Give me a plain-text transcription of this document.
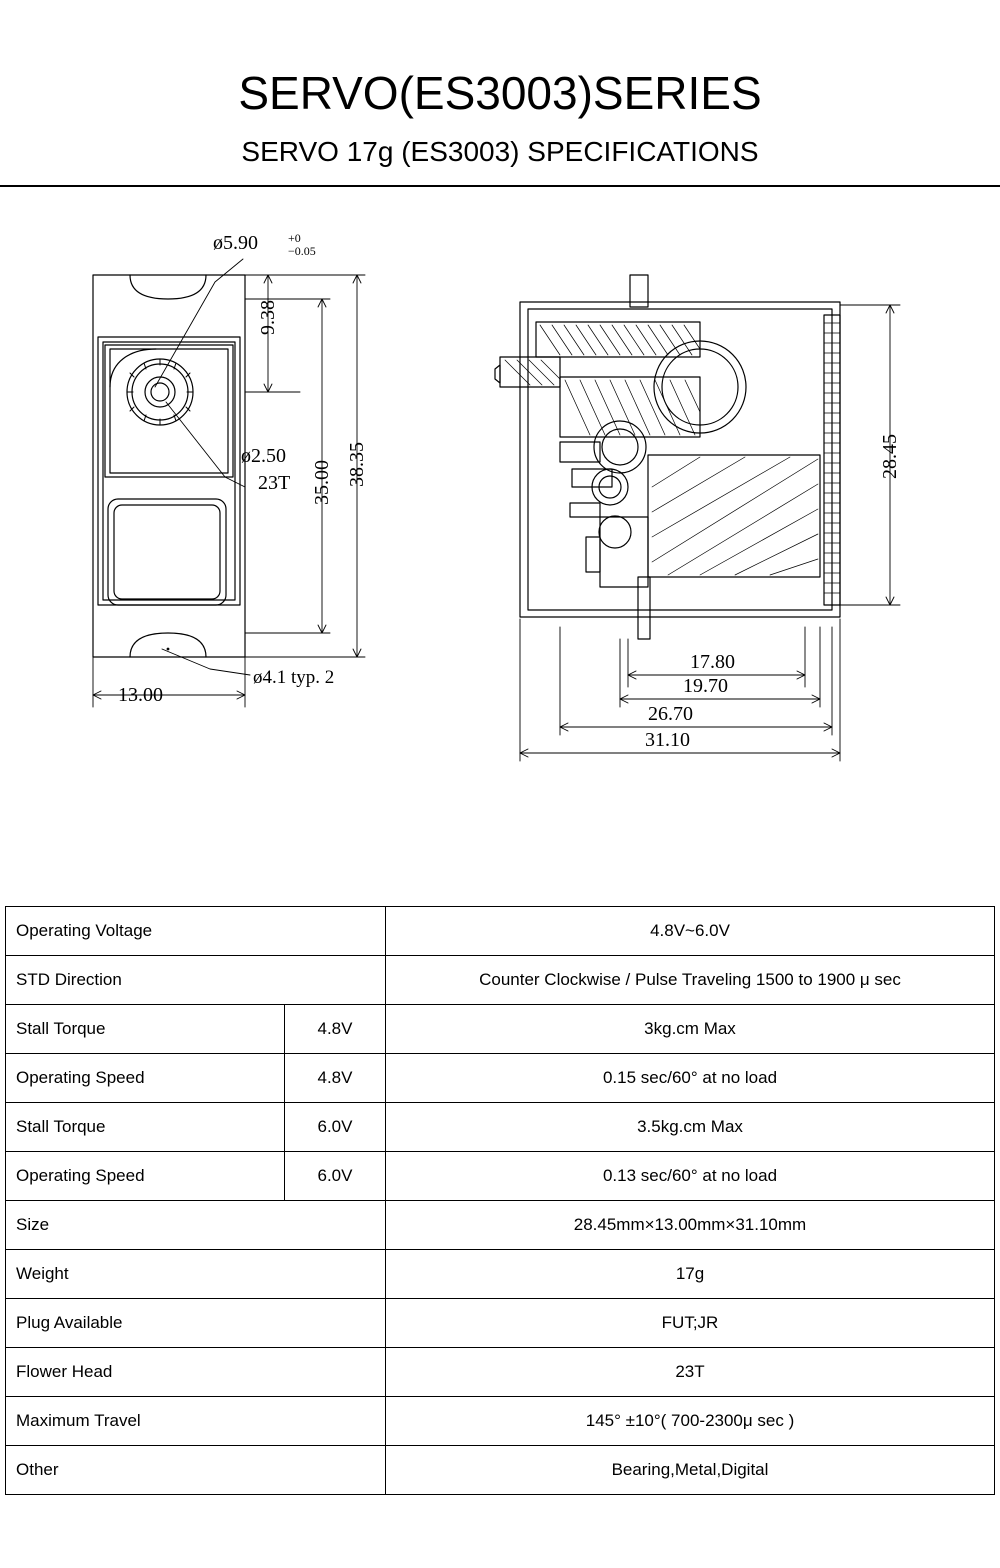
SERVO(ES3003)SERIES
SERVO 17g (ES3003) SPECIFICATIONS
ø5.90	+0
−0.05
9.38
ø2.50
23T 35.00 38.35
13.00
ø4.1 typ. 2
28.45
17.80
19.70
26.70
31.10
Operating Voltage		4.8V~6.0V
STD Direction		Counter Clockwise / Pulse Traveling 1500 to 1900 μ sec
Stall Torque	4.8V	3kg.cm Max
Operating Speed	4.8V	0.15 sec/60° at no load
Stall Torque	6.0V	3.5kg.cm Max
Operating Speed	6.0V	0.13 sec/60° at no load
Size		28.45mm×13.00mm×31.10mm
Weight		17g
Plug Available		FUT;JR
Flower Head		23T
Maximum Travel		145° ±10°( 700-2300μ sec )
Other		Bearing,Metal,Digital
